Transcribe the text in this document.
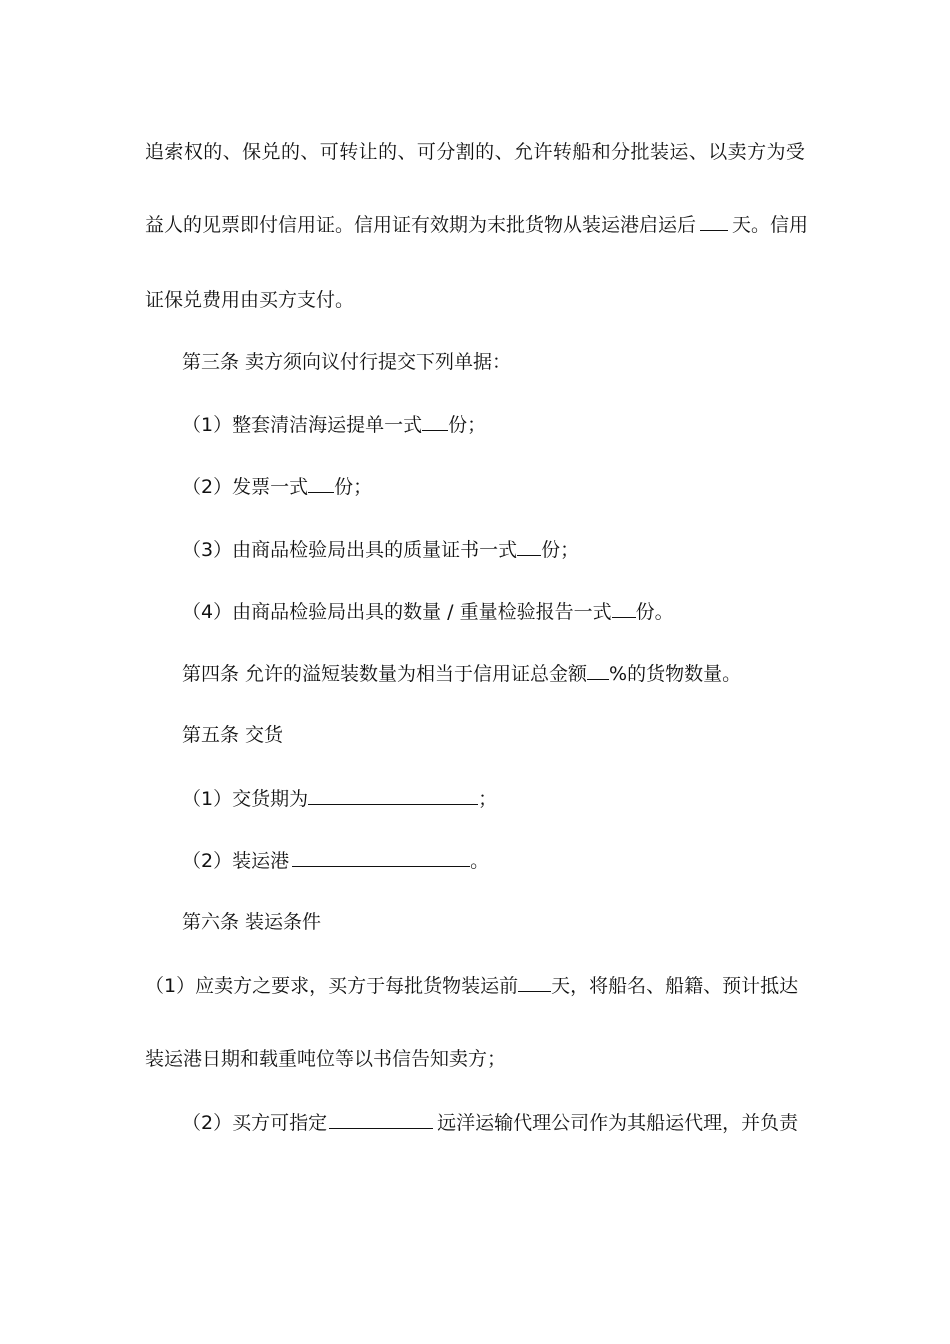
追 索 权 的 、 保 兑 的 、 可 转 让 的 、 可 分 割 的 、 允 许 转 船 和 分 批 装 运 、 以 卖 方 为 受
益人的见票即付信用证。信用证有效期为末批货物从装运港启运后 天。信用
证保兑费用由买方支付。
第三条 卖方须向议付行提交下列单据：
（1）整套清洁海运提单一式 份；
（2）发票一式 份；
（3）由商品检验局出具的质量证书一式 份；
（4）由商品检验局出具的数量 / 重量检验报告一式 份。
第四条 允许的溢短装数量为相当于信用证总金额 %的货物数量。
第五条 交货
（1）交货期为	；
（2）装运港	。
第六条 装运条件
（1）应卖方之要求，买方于每批货物装运前 天，将船名、船籍、预计抵达
装运港日期和载重吨位等以书信告知卖方；
（2）买方可指定	远洋运输代理公司作为其船运代理，并负责
